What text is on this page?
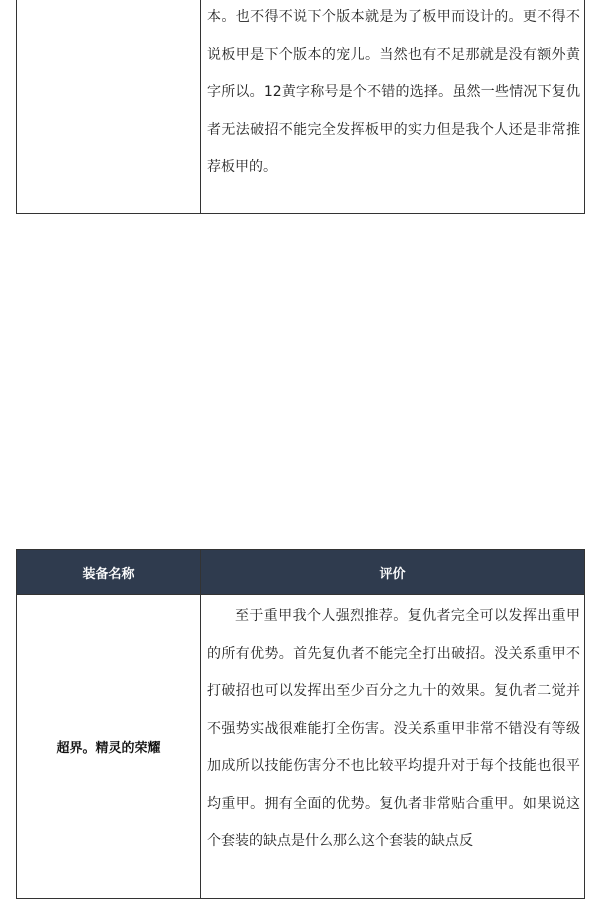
	本。也不得不说下个版本就是为了板甲而设计的。更不得不说板甲是下个版本的宠儿。当然也有不足那就是没有额外黄字所以。12黄字称号是个不错的选择。虽然一些情况下复仇者无法破招不能完全发挥板甲的实力但是我个人还是非常推荐板甲的。
装备名称	评价
超界。精灵的荣耀	至于重甲我个人强烈推荐。复仇者完全可以发挥出重甲的所有优势。首先复仇者不能完全打出破招。没关系重甲不打破招也可以发挥出至少百分之九十的效果。复仇者二觉并不强势实战很难能打全伤害。没关系重甲非常不错没有等级加成所以技能伤害分不也比较平均提升对于每个技能也很平均重甲。拥有全面的优势。复仇者非常贴合重甲。如果说这个套装的缺点是什么那么这个套装的缺点反
